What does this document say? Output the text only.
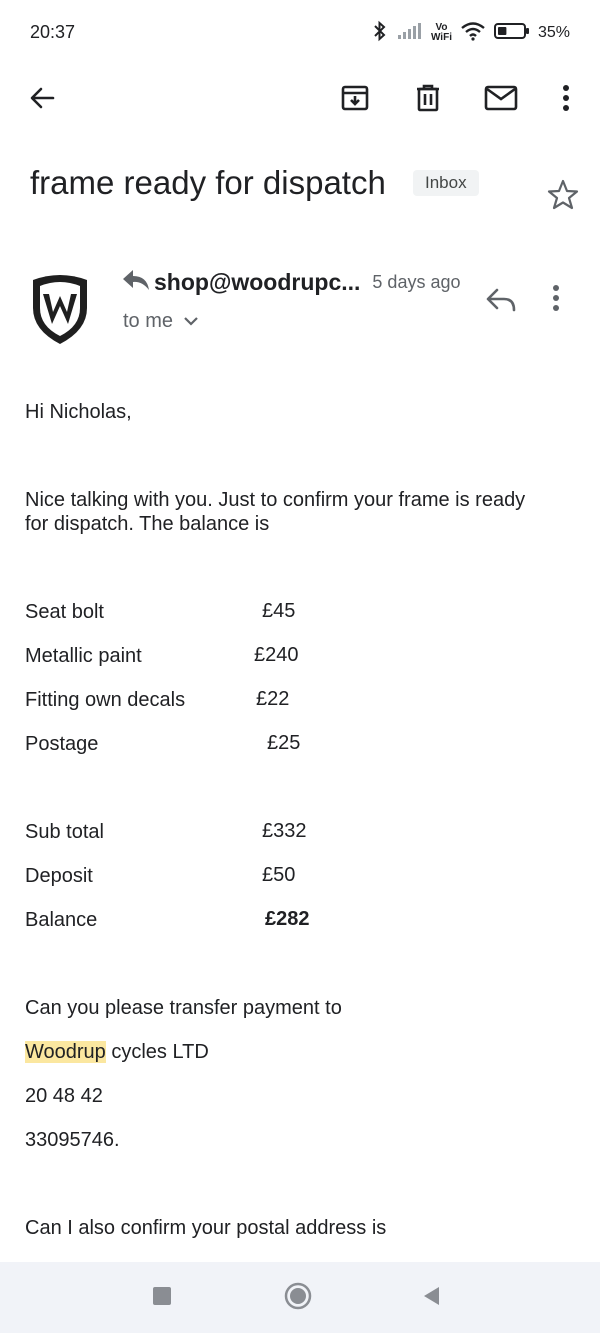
20:37	Vo
WiFi	35%
frame ready for dispatch	Inbox
shop@woodrupc... 5 days ago
to me
Hi Nicholas,
Nice talking with you. Just to confirm your frame is ready
for dispatch. The balance is
Seat bolt	£45
Metallic paint	£240
Fitting own decals	£22
Postage	£25
Sub total	£332
Deposit	£50
Balance	£282
Can you please transfer payment to
Woodrup cycles LTD
20 48 42
33095746.
Can I also confirm your postal address is
